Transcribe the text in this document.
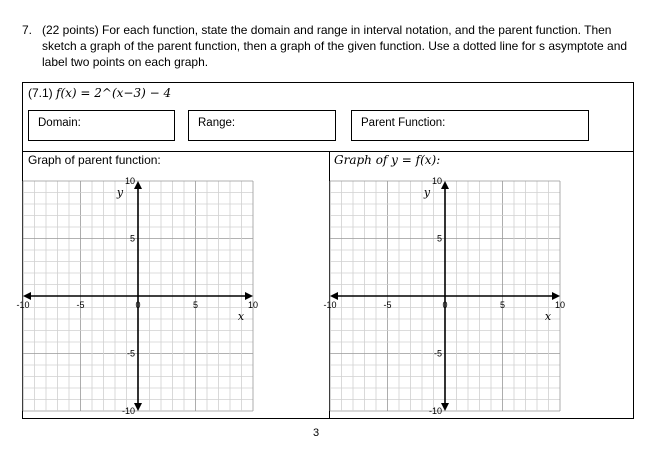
7. (22 points) For each function, state the domain and range in interval notation, and the parent function. Then sketch a graph of the parent function, then a graph of the given function. Use a dotted line for s asymptote and label two points on each graph.
(7.1) f(x) = 2^(x−3) − 4
Domain:	Range:	Parent Function:
Graph of parent function:	Graph of y = f(x):
-10	-5	0	5	10
10
5
-5
-10
x
y
-10	-5	0	5	10
10
5
-5
-10
x
y
3
